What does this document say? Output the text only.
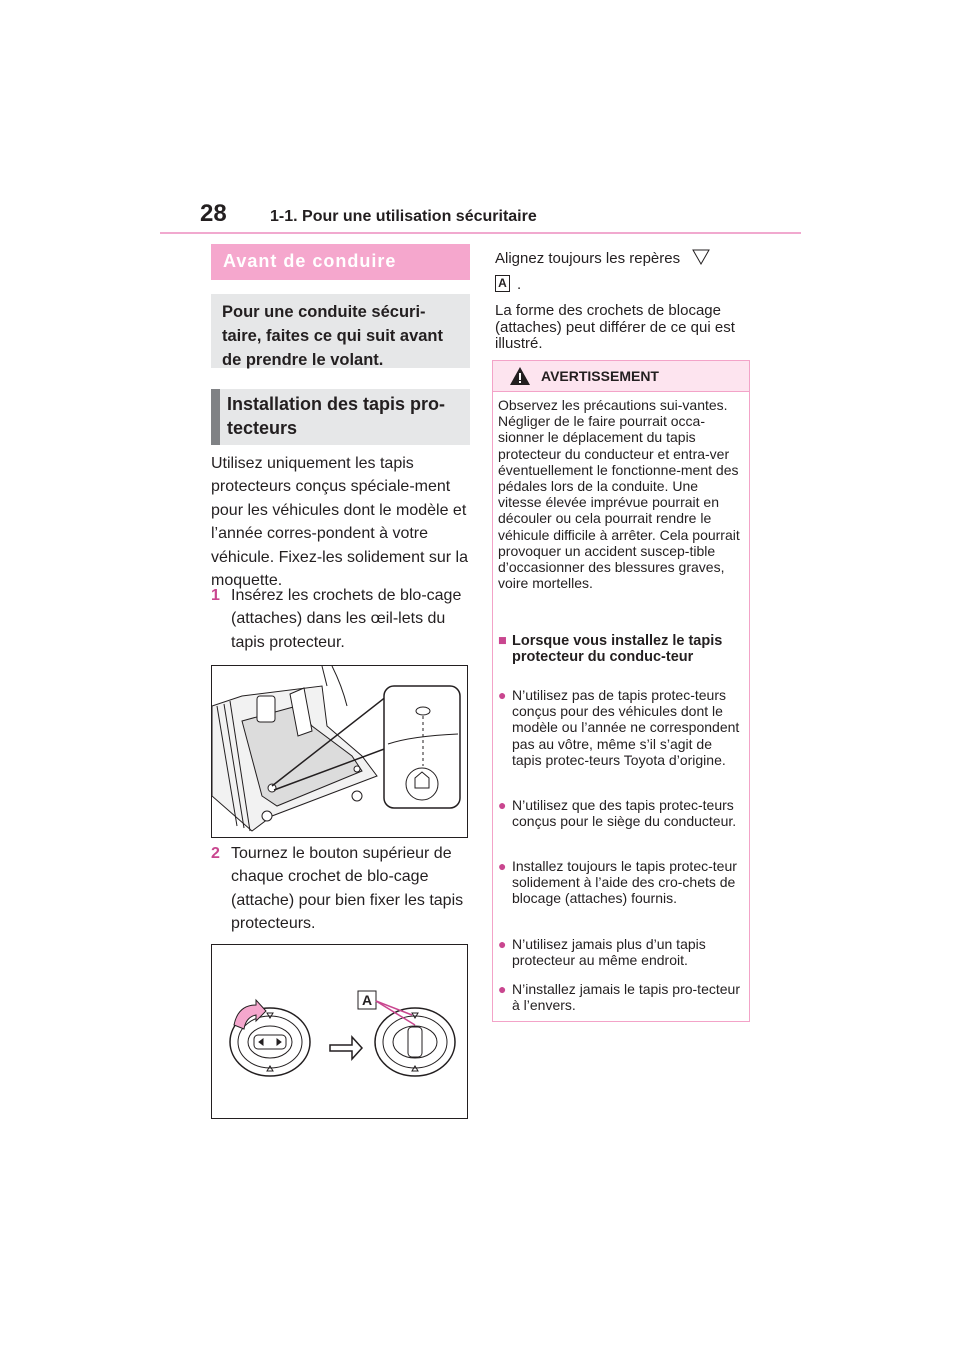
28	1-1. Pour une utilisation sécuritaire
Avant de conduire
Pour une conduite sécuri-taire, faites ce qui suit avant de prendre le volant.
Installation des tapis pro-tecteurs
Utilisez uniquement les tapis protecteurs conçus spéciale-ment pour les véhicules dont le modèle et l’année corres-pondent à votre véhicule. Fixez-les solidement sur la moquette.
1 Insérez les crochets de blo-cage (attaches) dans les œil-lets du tapis protecteur.
2 Tournez le bouton supérieur de chaque crochet de blo-cage (attache) pour bien fixer les tapis protecteurs.
A
Alignez toujours les repères
A .
La forme des crochets de blocage (attaches) peut différer de ce qui est illustré.
AVERTISSEMENT
Observez les précautions sui-vantes.
Négliger de le faire pourrait occa-sionner le déplacement du tapis protecteur du conducteur et entra-ver éventuellement le fonctionne-ment des pédales lors de la conduite. Une vitesse élevée imprévue pourrait en découler ou cela pourrait rendre le véhicule difficile à arrêter. Cela pourrait provoquer un accident suscep-tible d’occasionner des blessures graves, voire mortelles.
■ Lorsque vous installez le tapis protecteur du conduc-teur
● N’utilisez pas de tapis protec-teurs conçus pour des véhicules dont le modèle ou l’année ne correspondent pas au vôtre, même s’il s’agit de tapis protec-teurs Toyota d’origine.
● N’utilisez que des tapis protec-teurs conçus pour le siège du conducteur.
● Installez toujours le tapis protec-teur solidement à l’aide des cro-chets de blocage (attaches) fournis.
● N’utilisez jamais plus d’un tapis protecteur au même endroit.
● N’installez jamais le tapis pro-tecteur à l’envers.
